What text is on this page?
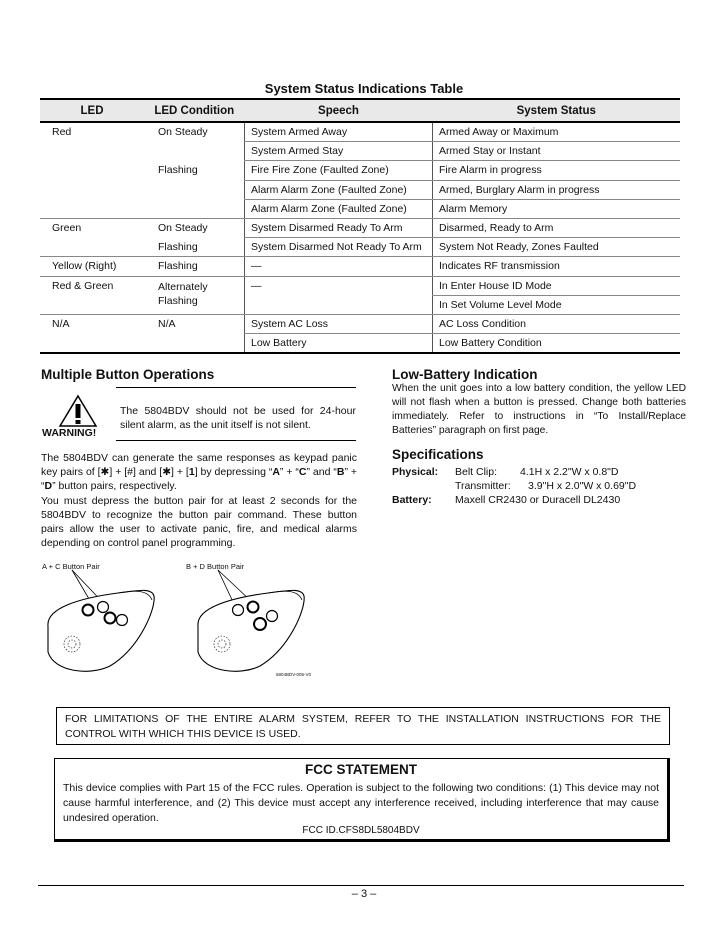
System Status Indications Table
LED	LED Condition	Speech	System Status
Red	On Steady	System Armed Away	Armed Away or Maximum
		System Armed Stay	Armed Stay or Instant
	Flashing	Fire Fire Zone (Faulted Zone)	Fire Alarm in progress
		Alarm Alarm Zone (Faulted Zone)	Armed, Burglary Alarm in progress
		Alarm Alarm Zone (Faulted Zone)	Alarm Memory
Green	On Steady	System Disarmed Ready To Arm	Disarmed, Ready to Arm
	Flashing	System Disarmed Not Ready To Arm	System Not Ready, Zones Faulted
Yellow (Right)	Flashing	—	Indicates RF transmission
Red & Green	Alternately Flashing	—	In Enter House ID Mode
			In Set Volume Level Mode
N/A	N/A	System AC Loss	AC Loss Condition
		Low Battery	Low Battery Condition
Multiple Button Operations
WARNING!
The 5804BDV should not be used for 24-hour silent alarm, as the unit itself is not silent.
The 5804BDV can generate the same responses as keypad panic key pairs of [✱] + [#] and [✱] + [1] by depressing “A” + “C” and “B” + “D” button pairs, respectively.
You must depress the button pair for at least 2 seconds for the 5804BDV to recognize the button pair command. These button pairs allow the user to activate panic, fire, and medical alarms depending on control panel programming.
A + C Button Pair	B + D Button Pair
5804BDV-005-V0
Low-Battery Indication
When the unit goes into a low battery condition, the yellow LED will not flash when a button is pressed. Change both batteries immediately. Refer to instructions in “To Install/Replace Batteries” paragraph on first page.
Specifications
Physical: Belt Clip: 4.1H x 2.2"W x 0.8"D
Transmitter: 3.9"H x 2.0"W x 0.69"D
Battery: Maxell CR2430 or Duracell DL2430
FOR LIMITATIONS OF THE ENTIRE ALARM SYSTEM, REFER TO THE INSTALLATION INSTRUCTIONS FOR THE CONTROL WITH WHICH THIS DEVICE IS USED.
FCC STATEMENT
This device complies with Part 15 of the FCC rules. Operation is subject to the following two conditions: (1) This device may not cause harmful interference, and (2) This device must accept any interference received, including interference that may cause undesired operation.
FCC ID.CFS8DL5804BDV
– 3 –
